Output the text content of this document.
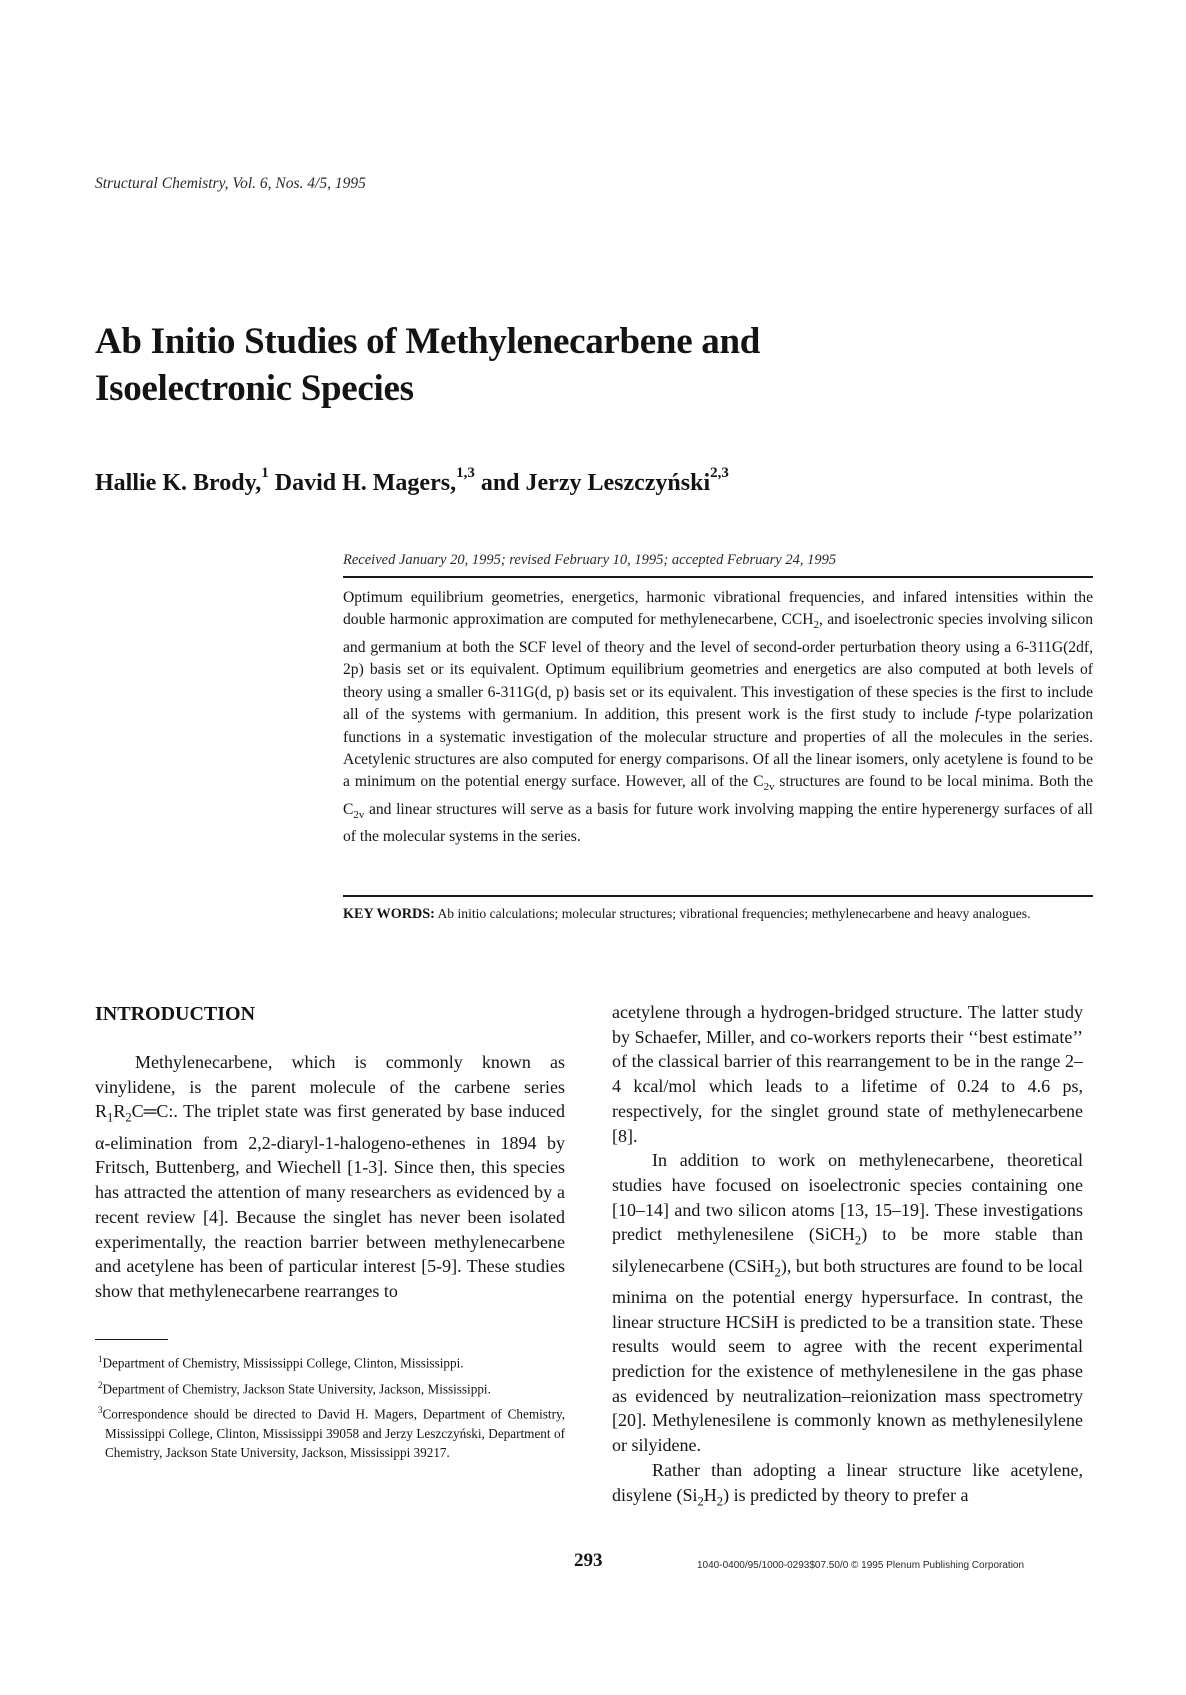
Structural Chemistry, Vol. 6, Nos. 4/5, 1995
Ab Initio Studies of Methylenecarbene and
Isoelectronic Species
Hallie K. Brody,$^1$ David H. Magers,$^{1,3}$ and Jerzy Leszczyński$^{2,3}$
Received January 20, 1995; revised February 10, 1995; accepted February 24, 1995
Optimum equilibrium geometries, energetics, harmonic vibrational frequencies, and infared intensities within the double harmonic approximation are computed for methylenecarbene, $CCH_2$, and isoelectronic species involving silicon and germanium at both the SCF level of theory and the level of second-order perturbation theory using a 6-311G(2df, 2p) basis set or its equivalent. Optimum equilibrium geometries and energetics are also computed at both levels of theory using a smaller 6-311G(d, p) basis set or its equivalent. This investigation of these species is the first to include all of the systems with germanium. In addition, this present work is the first study to include f-type polarization functions in a systematic investigation of the molecular structure and properties of all the molecules in the series. Acetylenic structures are also computed for energy comparisons. Of all the linear isomers, only acetylene is found to be a minimum on the potential energy surface. However, all of the $C_{2v}$ structures are found to be local minima. Both the $C_{2v}$ and linear structures will serve as a basis for future work involving mapping the entire hyperenergy surfaces of all of the molecular systems in the series.
KEY WORDS: Ab initio calculations; molecular structures; vibrational frequencies; methylenecarbene and heavy analogues.
INTRODUCTION

Methylenecarbene, which is commonly known as vinylidene, is the parent molecule of the carbene series $R_1R_2C═C$:. The triplet state was first generated by base induced α-elimination from 2,2-diaryl-1-halogeno-ethenes in 1894 by Fritsch, Buttenberg, and Wiechell [1-3]. Since then, this species has attracted the attention of many researchers as evidenced by a recent review [4]. Because the singlet has never been isolated experimentally, the reaction barrier between methylenecarbene and acetylene has been of particular interest [5-9]. These studies show that methylenecarbene rearranges to

$^1$Department of Chemistry, Mississippi College, Clinton, Mississippi.

$^2$Department of Chemistry, Jackson State University, Jackson, Mississippi.

$^3$Correspondence should be directed to David H. Magers, Department of Chemistry, Mississippi College, Clinton, Mississippi 39058 and Jerzy Leszczyński, Department of Chemistry, Jackson State University, Jackson, Mississippi 39217.

acetylene through a hydrogen-bridged structure. The latter study by Schaefer, Miller, and co-workers reports their ‘‘best estimate’’ of the classical barrier of this rearrangement to be in the range 2–4 kcal/mol which leads to a lifetime of 0.24 to 4.6 ps, respectively, for the singlet ground state of methylenecarbene [8].

In addition to work on methylenecarbene, theoretical studies have focused on isoelectronic species containing one [10–14] and two silicon atoms [13, 15–19]. These investigations predict methylenesilene (SiCH$_2$) to be more stable than silylenecarbene (CSiH$_2$), but both structures are found to be local minima on the potential energy hypersurface. In contrast, the linear structure HCSiH is predicted to be a transition state. These results would seem to agree with the recent experimental prediction for the existence of methylenesilene in the gas phase as evidenced by neutralization–reionization mass spectrometry [20]. Methylenesilene is commonly known as methylenesilylene or silyidene.

Rather than adopting a linear structure like acetylene, disylene $(Si_2H_2)$ is predicted by theory to prefer a

293	1040-0400/95/1000-0293$07.50/0 © 1995 Plenum Publishing Corporation
